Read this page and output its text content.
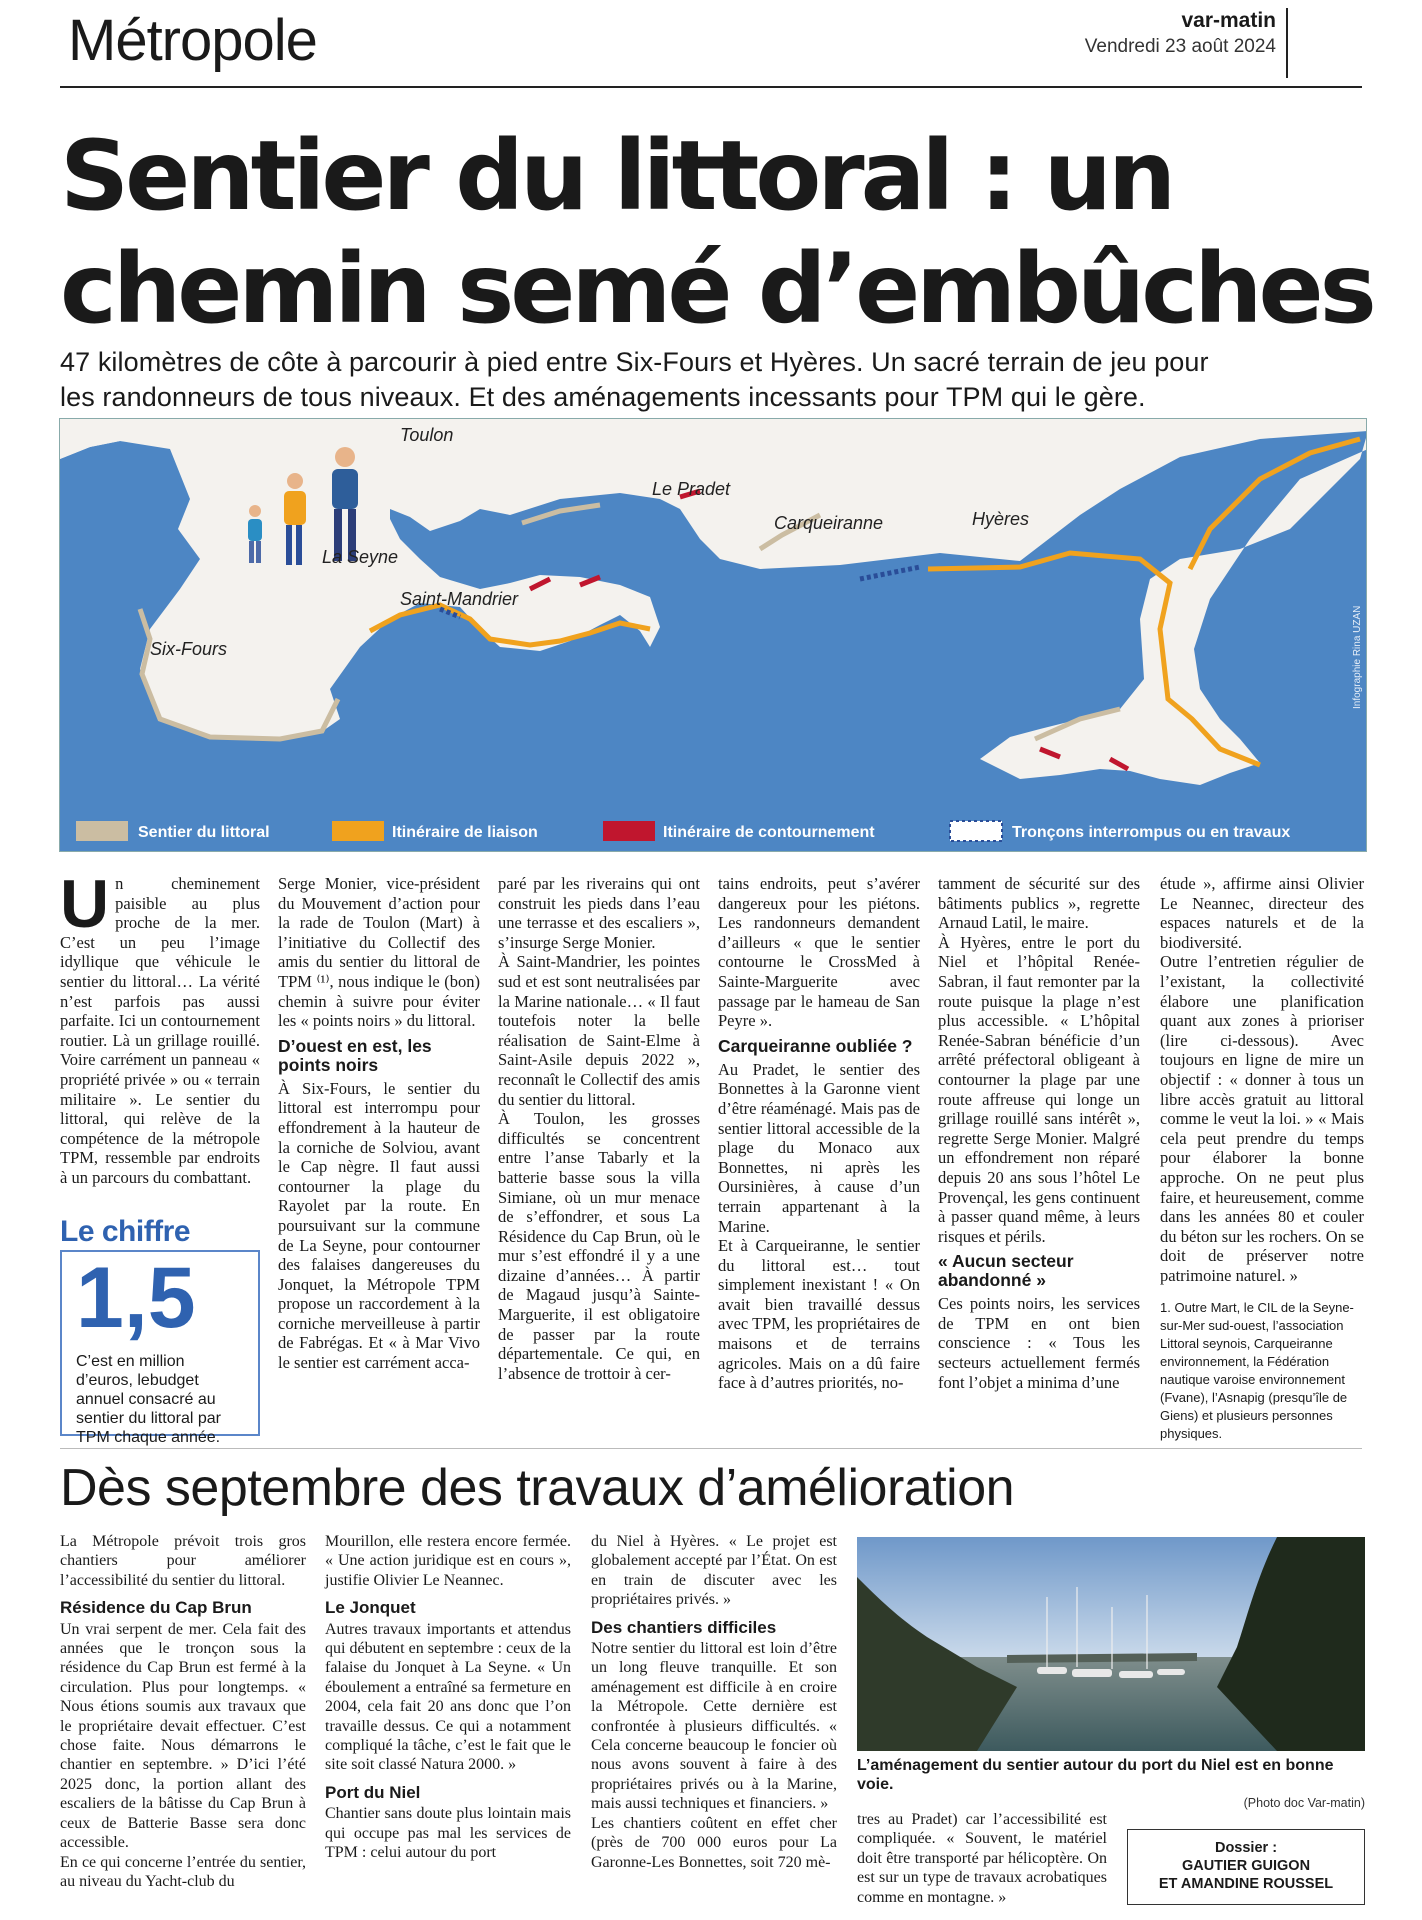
Métropole	var-matin
Vendredi 23 août 2024
Sentier du littoral : un
chemin semé d’embûches
47 kilomètres de côte à parcourir à pied entre Six-Fours et Hyères. Un sacré terrain de jeu pour
les randonneurs de tous niveaux. Et des aménagements incessants pour TPM qui le gère.
Toulon
La Seyne
Saint-Mandrier
Six-Fours
Le Pradet
Carqueiranne	Hyères
Infographie Rina UZAN
Sentier du littoral	Itinéraire de liaison	Itinéraire de contournement	Tronçons interrompus ou en travaux
U n cheminement paisible au plus proche de la mer. C’est un peu l’image idyllique que véhicule le sentier du littoral… La vérité n’est parfois pas aussi parfaite. Ici un contournement routier. Là un grillage rouillé. Voire carrément un panneau « propriété privée » ou « terrain militaire ». Le sentier du littoral, qui relève de la compétence de la métropole TPM, ressemble par endroits à un parcours du combattant.

Serge Monier, vice-président du Mouvement d’action pour la rade de Toulon (Mart) à l’initiative du Collectif des amis du sentier du littoral de TPM ⁽¹⁾, nous indique le (bon) chemin à suivre pour éviter les « points noirs » du littoral.

D’ouest en est, les points noirs

À Six-Fours, le sentier du littoral est interrompu pour effondrement à la hauteur de la corniche de Solviou, avant le Cap nègre. Il faut aussi contourner la plage du Rayolet par la route. En poursuivant sur la commune de La Seyne, pour contourner des falaises dangereuses du Jonquet, la Métropole TPM propose un raccordement à la corniche merveilleuse à partir de Fabrégas. Et « à Mar Vivo le sentier est carrément acca-

paré par les riverains qui ont construit les pieds dans l’eau une terrasse et des escaliers », s’insurge Serge Monier.

À Saint-Mandrier, les pointes sud et est sont neutralisées par la Marine nationale… « Il faut toutefois noter la belle réalisation de Saint-Elme à Saint-Asile depuis 2022 », reconnaît le Collectif des amis du sentier du littoral.

À Toulon, les grosses difficultés se concentrent entre l’anse Tabarly et la batterie basse sous la villa Simiane, où un mur menace de s’effondrer, et sous La Résidence du Cap Brun, où le mur s’est effondré il y a une dizaine d’années… À partir de Magaud jusqu’à Sainte-Marguerite, il est obligatoire de passer par la route départementale. Ce qui, en l’absence de trottoir à cer-

tains endroits, peut s’avérer dangereux pour les piétons. Les randonneurs demandent d’ailleurs « que le sentier contourne le CrossMed à Sainte-Marguerite avec passage par le hameau de San Peyre ».

Carqueiranne oubliée ?

Au Pradet, le sentier des Bonnettes à la Garonne vient d’être réaménagé. Mais pas de sentier littoral accessible de la plage du Monaco aux Bonnettes, ni après les Oursinières, à cause d’un terrain appartenant à la Marine.

Et à Carqueiranne, le sentier du littoral est… tout simplement inexistant ! « On avait bien travaillé dessus avec TPM, les propriétaires de maisons et de terrains agricoles. Mais on a dû faire face à d’autres priorités, no-

tamment de sécurité sur des bâtiments publics », regrette Arnaud Latil, le maire.

À Hyères, entre le port du Niel et l’hôpital Renée-Sabran, il faut remonter par la route puisque la plage n’est plus accessible. « L’hôpital Renée-Sabran bénéficie d’un arrêté préfectoral obligeant à contourner la plage par une route affreuse qui longe un grillage rouillé sans intérêt », regrette Serge Monier. Malgré un effondrement non réparé depuis 20 ans sous l’hôtel Le Provençal, les gens continuent à passer quand même, à leurs risques et périls.

« Aucun secteur abandonné »

Ces points noirs, les services de TPM en ont bien conscience : « Tous les secteurs actuellement fermés font l’objet a minima d’une

étude », affirme ainsi Olivier Le Neannec, directeur des espaces naturels et de la biodiversité.

Outre l’entretien régulier de l’existant, la collectivité élabore une planification quant aux zones à prioriser (lire ci-dessous). Avec toujours en ligne de mire un objectif : « donner à tous un libre accès gratuit au littoral comme le veut la loi. » « Mais cela peut prendre du temps pour élaborer la bonne approche. On ne peut plus faire, et heureusement, comme dans les années 80 et couler du béton sur les rochers. On se doit de préserver notre patrimoine naturel. »

1. Outre Mart, le CIL de la Seyne-sur-Mer sud-ouest, l’association Littoral seynois, Carqueiranne environnement, la Fédération nautique varoise environnement (Fvane), l’Asnapig (presqu’île de Giens) et plusieurs personnes physiques.

Le chiffre
1,5
C’est en million d’euros, lebudget annuel consacré au sentier du littoral par TPM chaque année.
Dès septembre des travaux d’amélioration

La Métropole prévoit trois gros chantiers pour améliorer l’accessibilité du sentier du littoral.

Résidence du Cap Brun

Un vrai serpent de mer. Cela fait des années que le tronçon sous la résidence du Cap Brun est fermé à la circulation. Plus pour longtemps. « Nous étions soumis aux travaux que le propriétaire devait effectuer. C’est chose faite. Nous démarrons le chantier en septembre. » D’ici l’été 2025 donc, la portion allant des escaliers de la bâtisse du Cap Brun à ceux de Batterie Basse sera donc accessible.

En ce qui concerne l’entrée du sentier, au niveau du Yacht-club du

Mourillon, elle restera encore fermée. « Une action juridique est en cours », justifie Olivier Le Neannec.

Le Jonquet

Autres travaux importants et attendus qui débutent en septembre : ceux de la falaise du Jonquet à La Seyne. « Un éboulement a entraîné sa fermeture en 2004, cela fait 20 ans donc que l’on travaille dessus. Ce qui a notamment compliqué la tâche, c’est le fait que le site soit classé Natura 2000. »

Port du Niel

Chantier sans doute plus lointain mais qui occupe pas mal les services de TPM : celui autour du port

du Niel à Hyères. « Le projet est globalement accepté par l’État. On est en train de discuter avec les propriétaires privés. »

Des chantiers difficiles

Notre sentier du littoral est loin d’être un long fleuve tranquille. Et son aménagement est difficile à en croire la Métropole. Cette dernière est confrontée à plusieurs difficultés. « Cela concerne beaucoup le foncier où nous avons souvent à faire à des propriétaires privés ou à la Marine, mais aussi techniques et financiers. »

Les chantiers coûtent en effet cher (près de 700 000 euros pour La Garonne-Les Bonnettes, soit 720 mè-

L’aménagement du sentier autour du port du Niel est en bonne voie.
(Photo doc Var-matin)

tres au Pradet) car l’accessibilité est compliquée. « Souvent, le matériel doit être transporté par hélicoptère. On est sur un type de travaux acrobatiques comme en montagne. »

Dossier :
GAUTIER GUIGON
ET AMANDINE ROUSSEL
